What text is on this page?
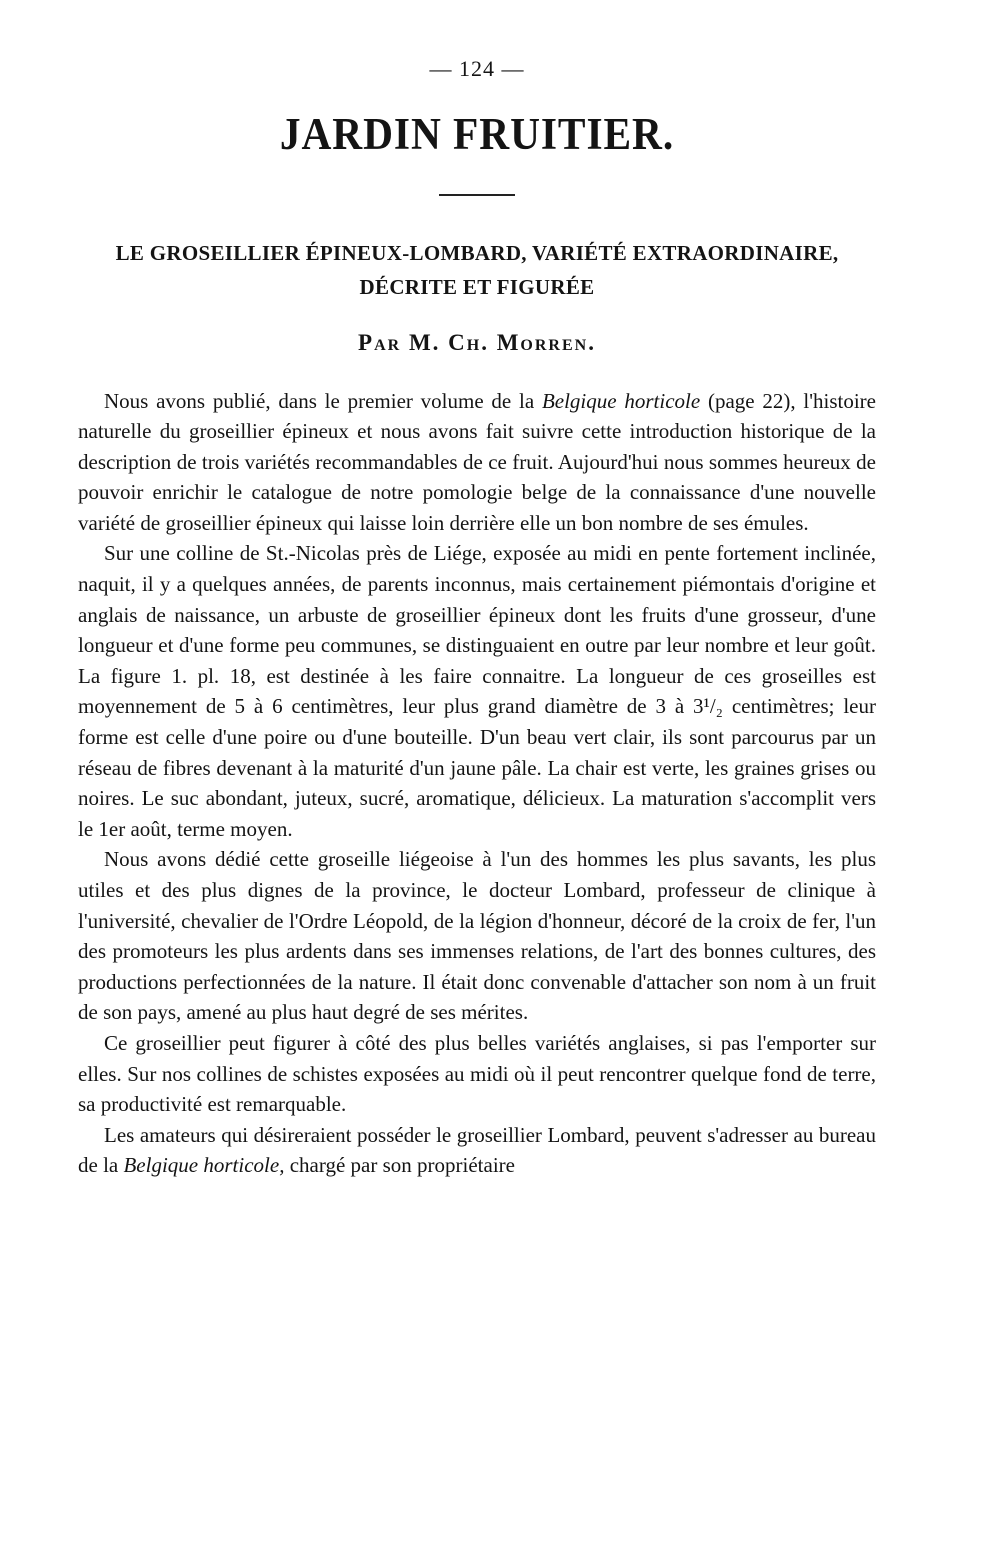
— 124 —
JARDIN FRUITIER.
LE GROSEILLIER ÉPINEUX-LOMBARD, VARIÉTÉ EXTRAORDINAIRE,
DÉCRITE ET FIGURÉE
Par M. Ch. Morren.

Nous avons publié, dans le premier volume de la Belgique horticole (page 22), l'histoire naturelle du groseillier épineux et nous avons fait suivre cette introduction historique de la description de trois variétés recommandables de ce fruit. Aujourd'hui nous sommes heureux de pouvoir enrichir le catalogue de notre pomologie belge de la connaissance d'une nouvelle variété de groseillier épineux qui laisse loin derrière elle un bon nombre de ses émules.

Sur une colline de St.-Nicolas près de Liége, exposée au midi en pente fortement inclinée, naquit, il y a quelques années, de parents inconnus, mais certainement piémontais d'origine et anglais de naissance, un arbuste de groseillier épineux dont les fruits d'une grosseur, d'une longueur et d'une forme peu communes, se distinguaient en outre par leur nombre et leur goût. La figure 1. pl. 18, est destinée à les faire connaitre. La longueur de ces groseilles est moyennement de 5 à 6 centimètres, leur plus grand diamètre de 3 à 3¹/₂ centimètres; leur forme est celle d'une poire ou d'une bouteille. D'un beau vert clair, ils sont parcourus par un réseau de fibres devenant à la maturité d'un jaune pâle. La chair est verte, les graines grises ou noires. Le suc abondant, juteux, sucré, aromatique, délicieux. La maturation s'accomplit vers le 1er août, terme moyen.

Nous avons dédié cette groseille liégeoise à l'un des hommes les plus savants, les plus utiles et des plus dignes de la province, le docteur Lombard, professeur de clinique à l'université, chevalier de l'Ordre Léopold, de la légion d'honneur, décoré de la croix de fer, l'un des promoteurs les plus ardents dans ses immenses relations, de l'art des bonnes cultures, des productions perfectionnées de la nature. Il était donc convenable d'attacher son nom à un fruit de son pays, amené au plus haut degré de ses mérites.

Ce groseillier peut figurer à côté des plus belles variétés anglaises, si pas l'emporter sur elles. Sur nos collines de schistes exposées au midi où il peut rencontrer quelque fond de terre, sa productivité est remarquable.

Les amateurs qui désireraient posséder le groseillier Lombard, peuvent s'adresser au bureau de la Belgique horticole, chargé par son propriétaire
